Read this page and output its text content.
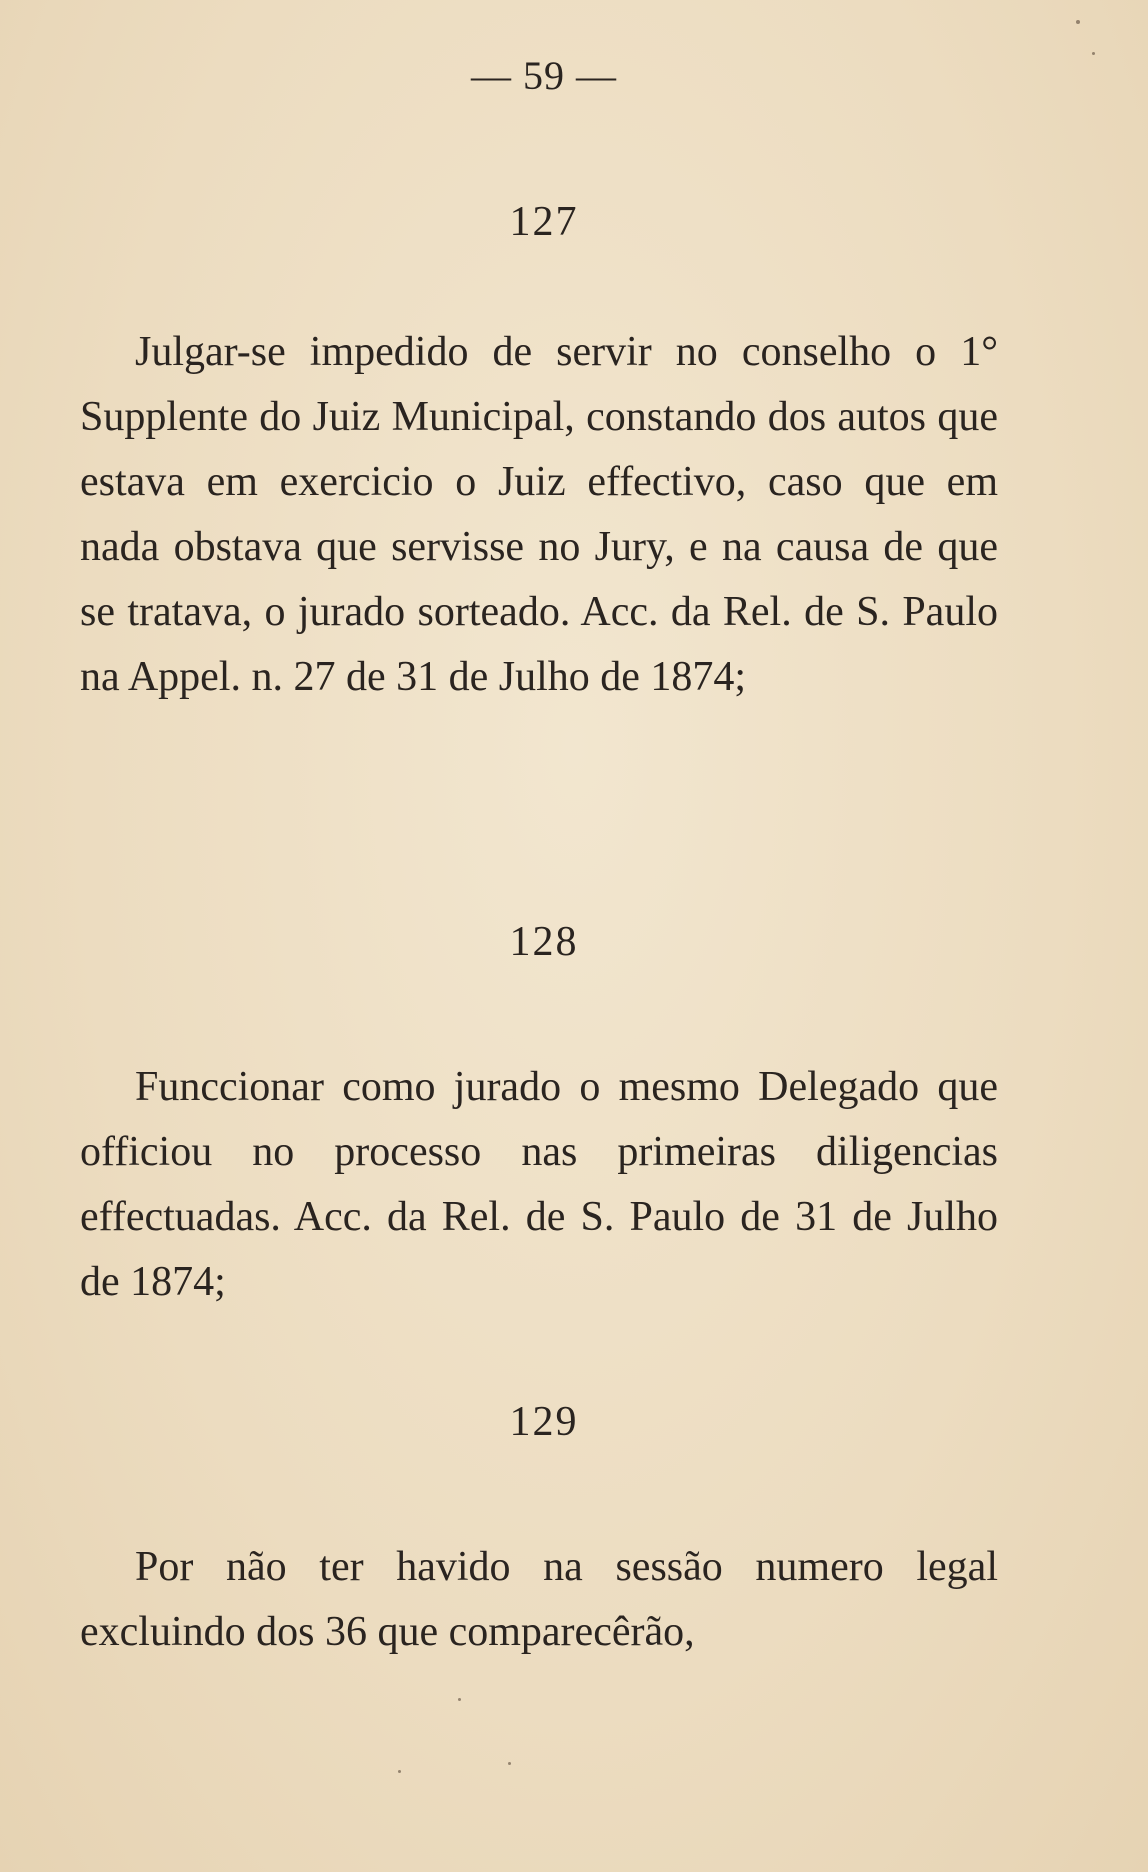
— 59 —
127
Julgar-se impedido de servir no conselho o 1° Supplente do Juiz Municipal, constando dos autos que estava em exercicio o Juiz effectivo, caso que em nada obstava que servisse no Jury, e na causa de que se tratava, o jurado sorteado. Acc. da Rel. de S. Paulo na Appel. n. 27 de 31 de Julho de 1874;
128
Funccionar como jurado o mesmo Delegado que officiou no processo nas primeiras diligencias effectuadas. Acc. da Rel. de S. Paulo de 31 de Julho de 1874;
129
Por não ter havido na sessão numero legal excluindo dos 36 que comparecêrão,
